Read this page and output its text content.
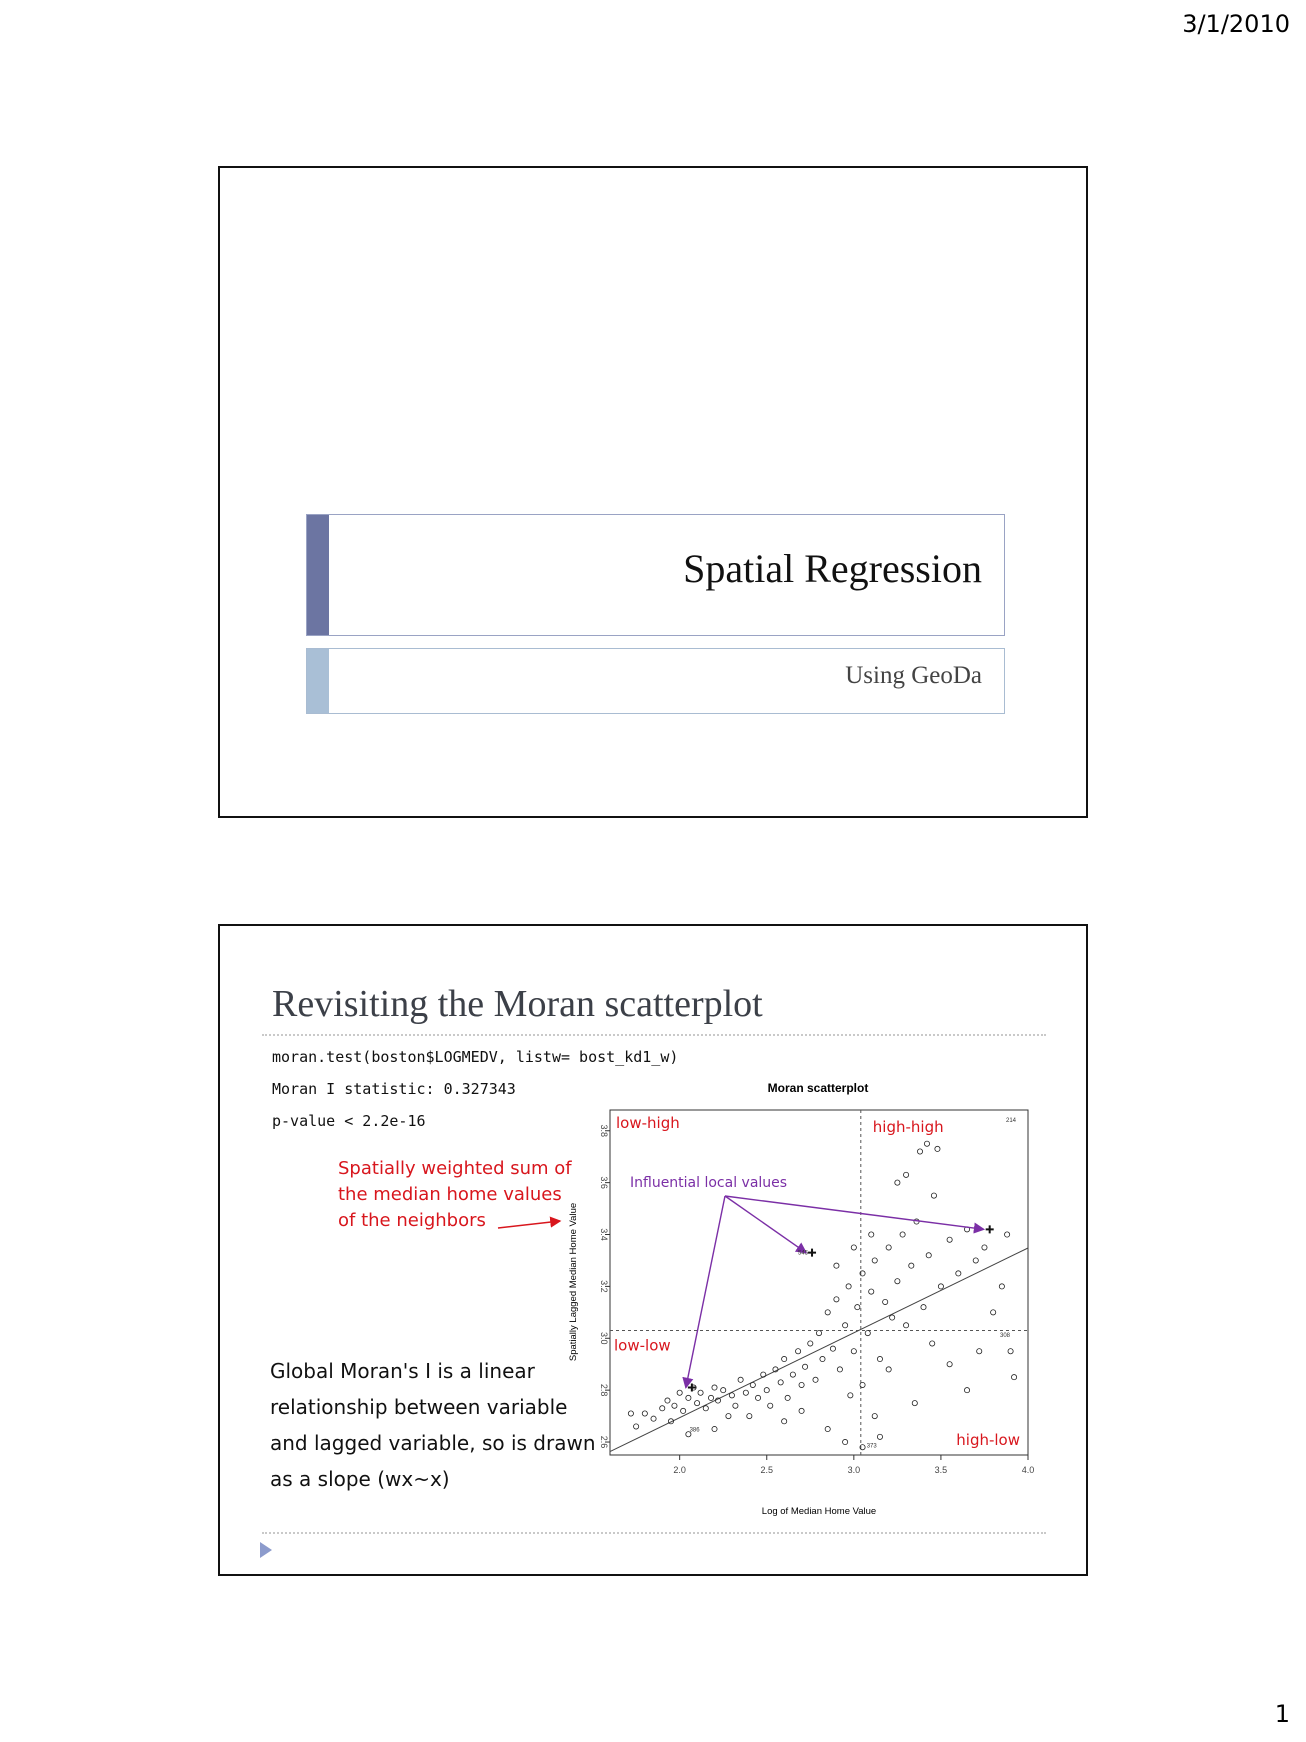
3/1/2010
Spatial Regression
Using GeoDa
Revisiting the Moran scatterplot
moran.test(boston$LOGMEDV, listw= bost_kd1_w)
Moran I statistic: 0.327343
p-value < 2.2e-16
Spatially weighted sum of the median home values of the neighbors
Global Moran's I is a linear relationship between variable and lagged variable, so is drawn as a slope (wx~x)
Moran scatterplot
2.0	2.5	3.0	3.5	4.0
2.6
2.8
3.0
3.2
3.4
3.6
3.8 low-high	high-high
low-low
high-low
Influential local values
214
545
386
373
308
Log of Median Home Value
Spatially Lagged Median Home Value
1
